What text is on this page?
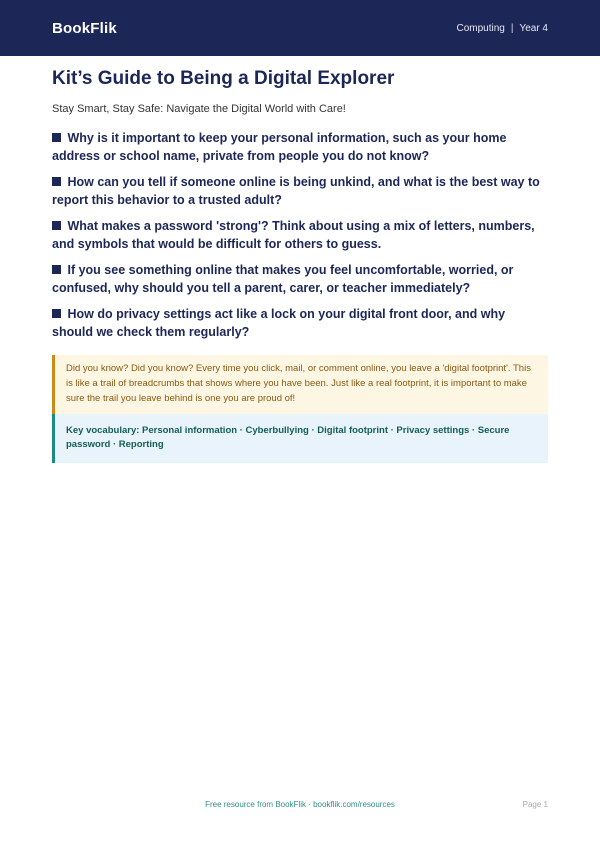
BookFlik	Computing | Year 4
Kit’s Guide to Being a Digital Explorer

Stay Smart, Stay Safe: Navigate the Digital World with Care!

Why is it important to keep your personal information, such as your home address or school name, private from people you do not know?
How can you tell if someone online is being unkind, and what is the best way to report this behavior to a trusted adult?
What makes a password 'strong'? Think about using a mix of letters, numbers, and symbols that would be difficult for others to guess.
If you see something online that makes you feel uncomfortable, worried, or confused, why should you tell a parent, carer, or teacher immediately?
How do privacy settings act like a lock on your digital front door, and why should we check them regularly?
Did you know? Did you know? Every time you click, mail, or comment online, you leave a 'digital footprint'. This is like a trail of breadcrumbs that shows where you have been. Just like a real footprint, it is important to make sure the trail you leave behind is one you are proud of!
Key vocabulary: Personal information · Cyberbullying · Digital footprint · Privacy settings · Secure password · Reporting
Free resource from BookFlik · bookflik.com/resources	Page 1
